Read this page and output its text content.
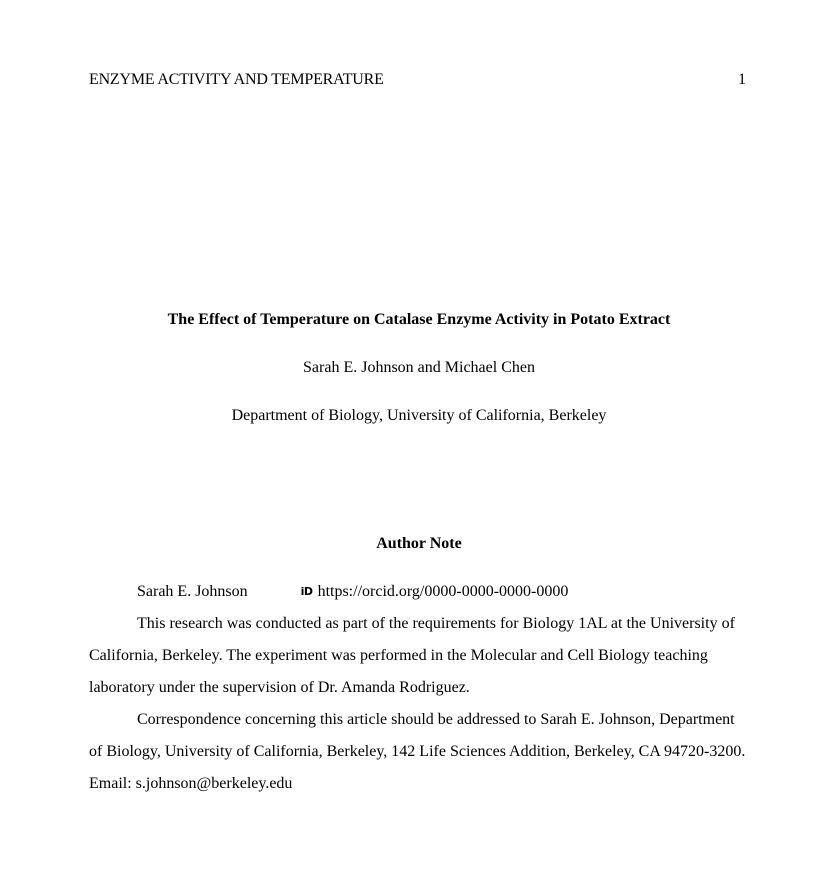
ENZYME ACTIVITY AND TEMPERATURE	1
The Effect of Temperature on Catalase Enzyme Activity in Potato Extract
Sarah E. Johnson and Michael Chen
Department of Biology, University of California, Berkeley
Author Note

Sarah E. Johnson	iD https://orcid.org/0000-0000-0000-0000

This research was conducted as part of the requirements for Biology 1AL at the University of California, Berkeley. The experiment was performed in the Molecular and Cell Biology teaching laboratory under the supervision of Dr. Amanda Rodriguez.

Correspondence concerning this article should be addressed to Sarah E. Johnson, Department of Biology, University of California, Berkeley, 142 Life Sciences Addition, Berkeley, CA 94720-3200. Email: s.johnson@berkeley.edu
